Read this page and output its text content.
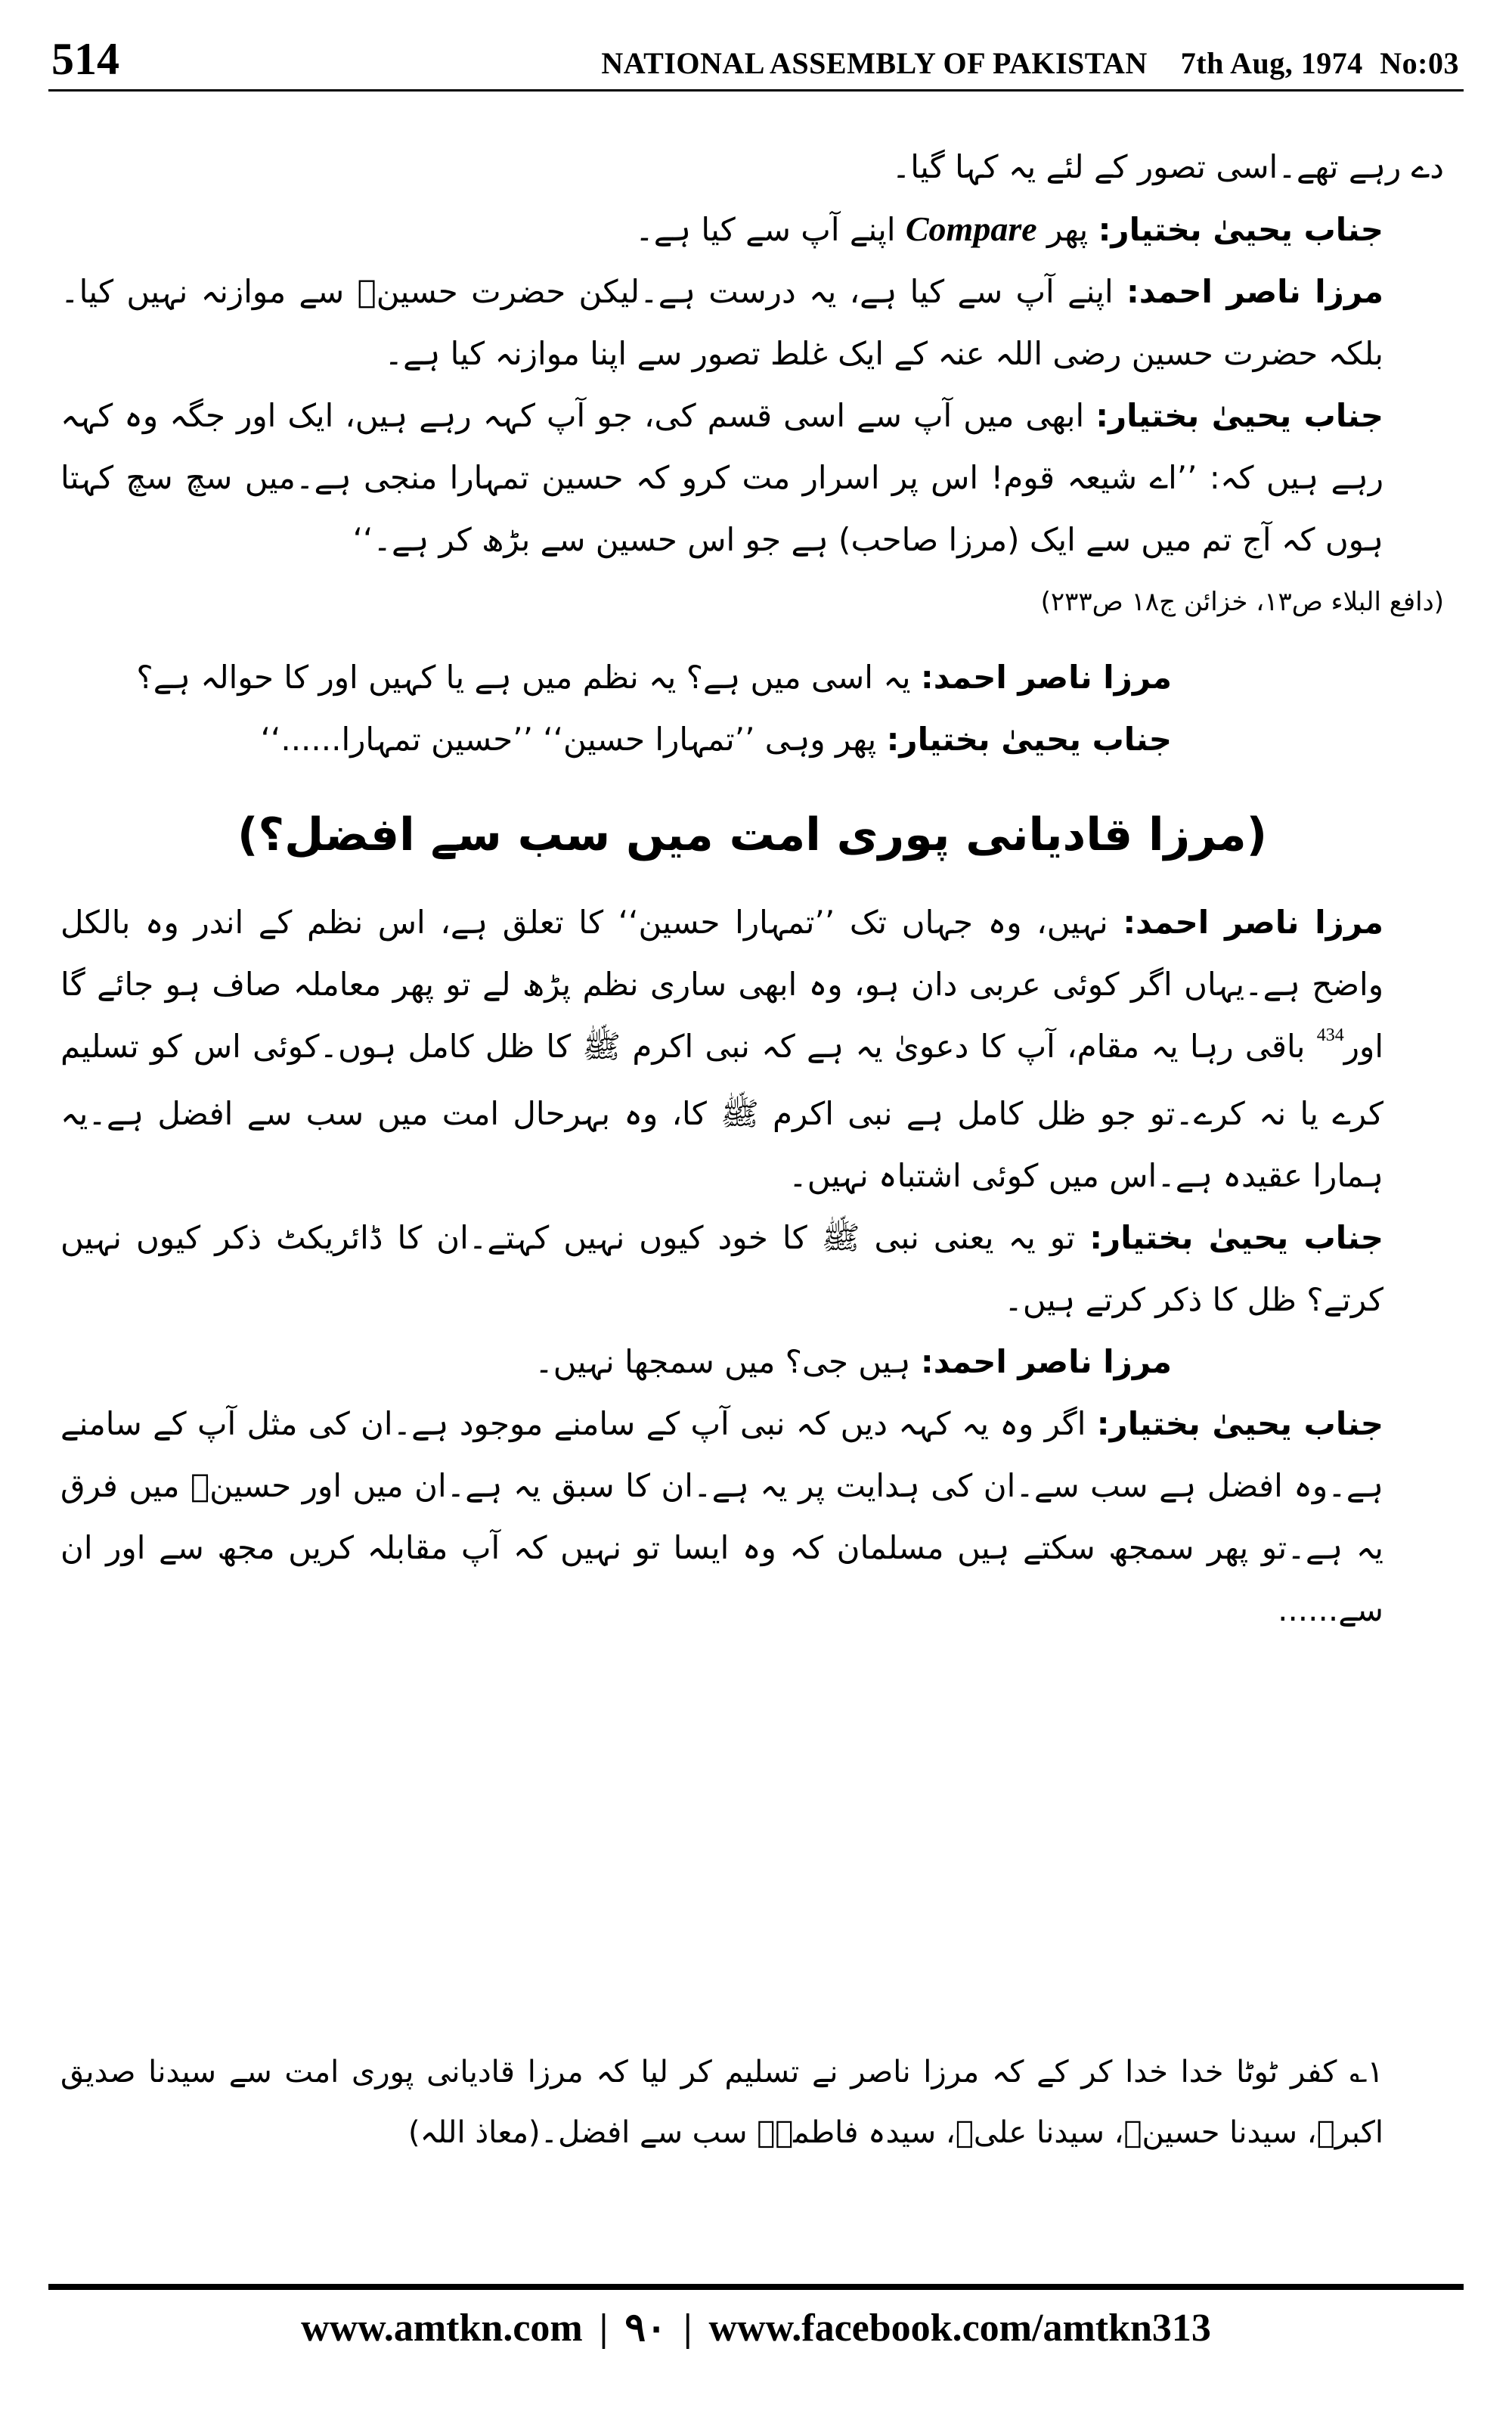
514	NATIONAL ASSEMBLY OF PAKISTAN 7th Aug, 1974 No:03

دے رہے تھے۔اسی تصور کے لئے یہ کہا گیا۔

جناب یحییٰ بختیار: پھر Compare اپنے آپ سے کیا ہے۔

مرزا ناصر احمد: اپنے آپ سے کیا ہے، یہ درست ہے۔لیکن حضرت حسینؓ سے موازنہ نہیں کیا۔بلکہ حضرت حسین رضی اللہ عنہ کے ایک غلط تصور سے اپنا موازنہ کیا ہے۔

جناب یحییٰ بختیار: ابھی میں آپ سے اسی قسم کی، جو آپ کہہ رہے ہیں، ایک اور جگہ وہ کہہ رہے ہیں کہ: ’’اے شیعہ قوم! اس پر اسرار مت کرو کہ حسین تمہارا منجی ہے۔میں سچ سچ کہتا ہوں کہ آج تم میں سے ایک (مرزا صاحب) ہے جو اس حسین سے بڑھ کر ہے۔‘‘

(دافع البلاء ص۱۳، خزائن ج۱۸ ص۲۳۳)

مرزا ناصر احمد: یہ اسی میں ہے؟ یہ نظم میں ہے یا کہیں اور کا حوالہ ہے؟

جناب یحییٰ بختیار: پھر وہی ’’تمہارا حسین‘‘ ’’حسین تمہارا......‘‘

(مرزا قادیانی پوری امت میں سب سے افضل؟)

مرزا ناصر احمد: نہیں، وہ جہاں تک ’’تمہارا حسین‘‘ کا تعلق ہے، اس نظم کے اندر وہ بالکل واضح ہے۔یہاں اگر کوئی عربی دان ہو، وہ ابھی ساری نظم پڑھ لے تو پھر معاملہ صاف ہو جائے گا اور$^{434}$ باقی رہا یہ مقام، آپ کا دعویٰ یہ ہے کہ نبی اکرم ﷺ کا ظل کامل ہوں۔کوئی اس کو تسلیم کرے یا نہ کرے۔تو جو ظل کامل ہے نبی اکرم ﷺ کا، وہ بہرحال امت میں سب سے افضل ہے۔یہ ہمارا عقیدہ ہے۔اس میں کوئی اشتباہ نہیں۔

جناب یحییٰ بختیار: تو یہ یعنی نبی ﷺ کا خود کیوں نہیں کہتے۔ان کا ڈائریکٹ ذکر کیوں نہیں کرتے؟ ظل کا ذکر کرتے ہیں۔

مرزا ناصر احمد: ہیں جی؟ میں سمجھا نہیں۔

جناب یحییٰ بختیار: اگر وہ یہ کہہ دیں کہ نبی آپ کے سامنے موجود ہے۔ان کی مثل آپ کے سامنے ہے۔وہ افضل ہے سب سے۔ان کی ہدایت پر یہ ہے۔ان کا سبق یہ ہے۔ان میں اور حسینؓ میں فرق یہ ہے۔تو پھر سمجھ سکتے ہیں مسلمان کہ وہ ایسا تو نہیں کہ آپ مقابلہ کریں مجھ سے اور ان سے......

۱؎ کفر ٹوٹا خدا خدا کر کے کہ مرزا ناصر نے تسلیم کر لیا کہ مرزا قادیانی پوری امت سے سیدنا صدیق اکبرؓ، سیدنا حسینؓ، سیدنا علیؓ، سیدہ فاطمہؓ سب سے افضل۔(معاذ اللہ)

www.amtkn.com | ۹۰ | www.facebook.com/amtkn313
